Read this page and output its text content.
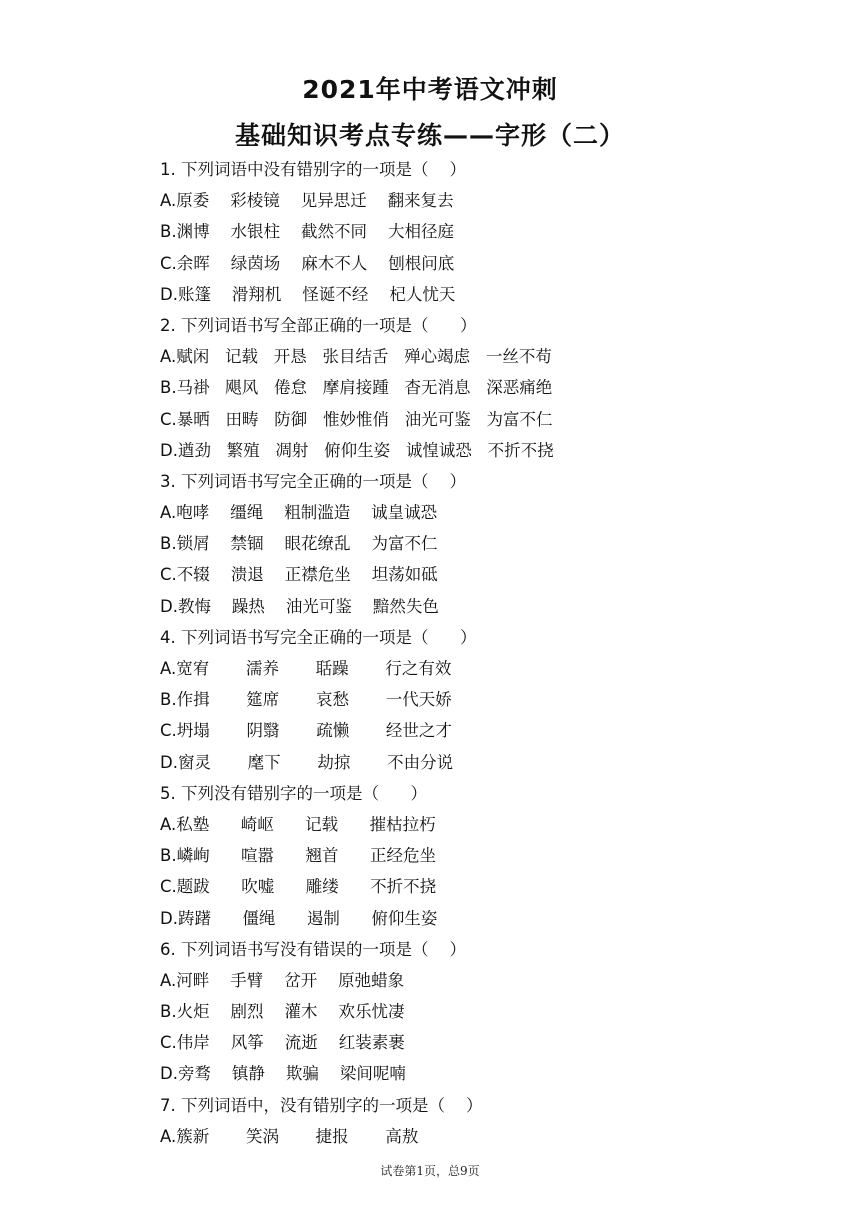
2021年中考语文冲刺
基础知识考点专练——字形（二）

1. 下列词语中没有错别字的一项是（    ）

A.原委    彩棱镜    见异思迁    翻来复去

B.渊博    水银柱    截然不同    大相径庭

C.余晖    绿茵场    麻木不人    刨根问底

D.账篷    滑翔机    怪诞不经    杞人忧天

2. 下列词语书写全部正确的一项是（      ）

A.赋闲   记载   开恳   张目结舌   殚心竭虑   一丝不苟

B.马褂   飓风   倦怠   摩肩接踵   杳无消息   深恶痛绝

C.暴晒   田畴   防御   惟妙惟俏   油光可鉴   为富不仁

D.遒劲   繁殖   凋射   俯仰生姿   诚惶诚恐   不折不挠

3. 下列词语书写完全正确的一项是（    ）

A.咆哮    缰绳    粗制滥造    诚皇诚恐

B.锁屑    禁锢    眼花缭乱    为富不仁

C.不辍    溃退    正襟危坐    坦荡如砥

D.教悔    躁热    油光可鉴    黯然失色

4. 下列词语书写完全正确的一项是（      ）

A.宽宥       濡养       聒躁       行之有效

B.作揖       筵席       哀愁       一代天娇

C.坍塌       阴翳       疏懒       经世之才

D.窗灵       麾下       劫掠       不由分说

5. 下列没有错别字的一项是（      ）

A.私塾      崎岖      记载      摧枯拉朽

B.嶙峋      喧嚣      翘首      正经危坐

C.题跋      吹嘘      雕缕      不折不挠

D.踌躇      僵绳      遏制      俯仰生姿

6. 下列词语书写没有错误的一项是（    ）

A.河畔    手臂    岔开    原弛蜡象

B.火炬    剧烈    灌木    欢乐忧凄

C.伟岸    风筝    流逝    红装素裹

D.旁骛    镇静    欺骗    梁间呢喃

7. 下列词语中，没有错别字的一项是（    ）

A.簇新       笑涡       捷报       高敖

试卷第1页，总9页
